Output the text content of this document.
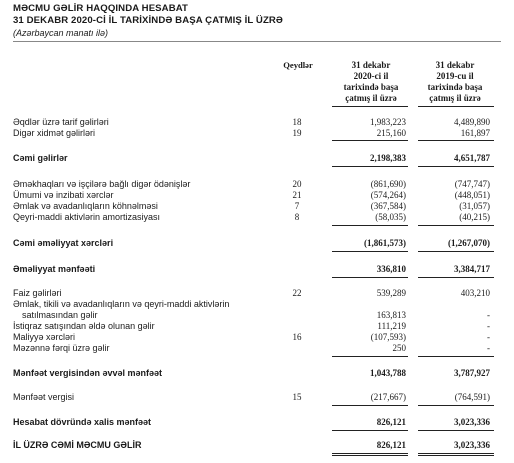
MƏCMU GƏLİR HAQQINDA HESABAT
31 DEKABR 2020-Cİ İL TARİXİNDƏ BAŞA ÇATMIŞ İL ÜZRƏ
(Azərbaycan manatı ilə)
Qeydlər	31 dekabr
2020-ci il
tarixində başa
çatmış il üzrə
31 dekabr
2019-cu il
tarixində başa
çatmış il üzrə
Əqdlər üzrə tarif gəlirləri	18	1,983,223	4,489,890
Digər xidmət gəlirləri	19	215,160	161,897
Cəmi gəlirlər	2,198,383	4,651,787
Əməkhaqları və işçilərə bağlı digər ödənişlər	20	(861,690)	(747,747)
Ümumi və inzibati xərclər	21	(574,264)	(448,051)
Əmlak və avadanlıqların köhnəlməsi	7	(367,584)	(31,057)
Qeyri-maddi aktivlərin amortizasiyası	8	(58,035)	(40,215)
Cəmi əməliyyat xərcləri	(1,861,573)	(1,267,070)
Əməliyyat mənfəəti	336,810	3,384,717
Faiz gəlirləri	22	539,289	403,210
Əmlak, tikili və avadanlıqların və qeyri-maddi aktivlərin
satılmasından gəlir	163,813	-
İstiqraz satışından əldə olunan gəlir	111,219	-
Maliyyə xərcləri	16	(107,593)	-
Məzənnə fərqi üzrə gəlir	250	-
Mənfəət vergisindən əvvəl mənfəət	1,043,788	3,787,927
Mənfəət vergisi	15	(217,667)	(764,591)
Hesabat dövründə xalis mənfəət	826,121	3,023,336
İL ÜZRƏ CƏMİ MƏCMU GƏLİR	826,121	3,023,336
